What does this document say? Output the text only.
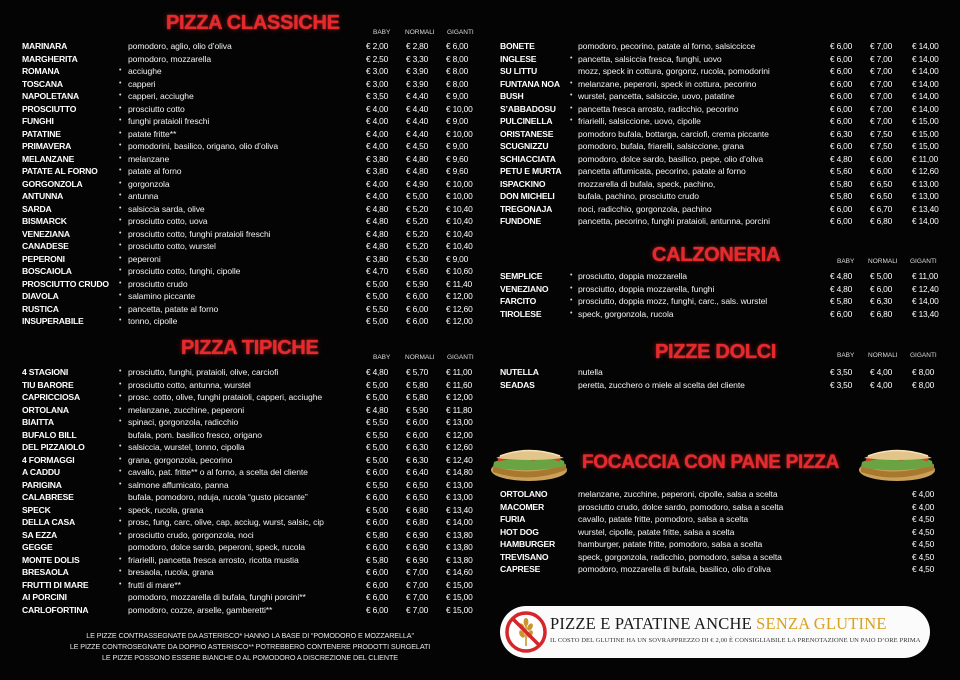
PIZZA CLASSICHE	BABY NORMALI GIGANTI
MARINARA	pomodoro, aglio, olio d’oliva	€ 2,00 € 2,80 € 6,00
MARGHERITA	pomodoro, mozzarella	€ 2,50 € 3,30 € 8,00
ROMANA	• acciughe	€ 3,00 € 3,90 € 8,00
TOSCANA	• capperi	€ 3,00 € 3,90 € 8,00
NAPOLETANA	• capperi, acciughe	€ 3,50 € 4,40 € 9,00
PROSCIUTTO	• prosciutto cotto	€ 4,00 € 4,40 € 10,00
FUNGHI	• funghi prataioli freschi	€ 4,00 € 4,40 € 9,00
PATATINE	• patate fritte**	€ 4,00 € 4,40 € 10,00
PRIMAVERA	• pomodorini, basilico, origano, olio d’oliva	€ 4,00 € 4,50 € 9,00
MELANZANE	• melanzane	€ 3,80 € 4,80 € 9,60
PATATE AL FORNO	• patate al forno	€ 3,80 € 4,80 € 9,60
GORGONZOLA	• gorgonzola	€ 4,00 € 4,90 € 10,00
ANTUNNA	• antunna	€ 4,00 € 5,00 € 10,00
SARDA	• salsiccia sarda, olive	€ 4,80 € 5,20 € 10,40
BISMARCK	• prosciutto cotto, uova	€ 4,80 € 5,20 € 10,40
VENEZIANA	• prosciutto cotto, funghi prataioli freschi	€ 4,80 € 5,20 € 10,40
CANADESE	• prosciutto cotto, wurstel	€ 4,80 € 5,20 € 10,40
PEPERONI	• peperoni	€ 3,80 € 5,30 € 9,00
BOSCAIOLA	• prosciutto cotto, funghi, cipolle	€ 4,70 € 5,60 € 10,60
PROSCIUTTO CRUDO • prosciutto crudo	€ 5,00 € 5,90 € 11,40
DIAVOLA	• salamino piccante	€ 5,00 € 6,00 € 12,00
RUSTICA	• pancetta, patate al forno	€ 5,50 € 6,00 € 12,60
INSUPERABILE	• tonno, cipolle	€ 5,00 € 6,00 € 12,00
PIZZA TIPICHE	BABY NORMALI GIGANTI
4 STAGIONI	• prosciutto, funghi, prataioli, olive, carciofi	€ 4,80 € 5,70 € 11,00
TIU BARORE	• prosciutto cotto, antunna, wurstel	€ 5,00 € 5,80 € 11,60
CAPRICCIOSA	• prosc. cotto, olive, funghi prataioli, capperi, acciughe	€ 5,00 € 5,80 € 12,00
ORTOLANA	• melanzane, zucchine, peperoni	€ 4,80 € 5,90 € 11,80
BIAITTA	• spinaci, gorgonzola, radicchio	€ 5,50 € 6,00 € 13,00
BUFALO BILL	bufala, pom. basilico fresco, origano	€ 5,50 € 6,00 € 12,00
DEL PIZZAIOLO	• salsiccia, wurstel, tonno, cipolla	€ 5,00 € 6,30 € 12,60
4 FORMAGGI	• grana, gorgonzola, pecorino	€ 5,00 € 6,30 € 12,40
A CADDU	• cavallo, pat. fritte** o al forno, a scelta del cliente	€ 6,00 € 6,40 € 14,80
PARIGINA	• salmone affumicato, panna	€ 5,50 € 6,50 € 13,00
CALABRESE	bufala, pomodoro, nduja, rucola “gusto piccante”	€ 6,00 € 6,50 € 13,00
SPECK	• speck, rucola, grana	€ 5,00 € 6,80 € 13,40
DELLA CASA	• prosc, fung, carc, olive, cap, acciug, wurst, salsic, cip	€ 6,00 € 6,80 € 14,00
SA EZZA	• prosciutto crudo, gorgonzola, noci	€ 5,80 € 6,90 € 13,80
GEGGE	pomodoro, dolce sardo, peperoni, speck, rucola	€ 6,00 € 6,90 € 13,80
MONTE DOLIS	• friarielli, pancetta fresca arrosto, ricotta mustia	€ 5,80 € 6,90 € 13,80
BRESAOLA	• bresaola, rucola, grana	€ 6,00 € 7,00 € 14,60
FRUTTI DI MARE	• frutti di mare**	€ 6,00 € 7,00 € 15,00
AI PORCINI	pomodoro, mozzarella di bufala, funghi porcini**	€ 6,00 € 7,00 € 15,00
CARLOFORTINA	pomodoro, cozze, arselle, gamberetti**	€ 6,00 € 7,00 € 15,00
LE PIZZE CONTRASSEGNATE DA ASTERISCO* HANNO LA BASE DI “POMODORO E MOZZARELLA”
LE PIZZE CONTROSEGNATE DA DOPPIO ASTERISCO** POTREBBERO CONTENERE PRODOTTI SURGELATI
LE PIZZE POSSONO ESSERE BIANCHE O AL POMODORO A DISCREZIONE DEL CLIENTE
BONETE	pomodoro, pecorino, patate al forno, salsiccicce	€ 6,00 € 7,00 € 14,00
INGLESE	• pancetta, salsiccia fresca, funghi, uovo	€ 6,00 € 7,00 € 14,00
SU LITTU	mozz, speck in cottura, gorgonz, rucola, pomodorini	€ 6,00 € 7,00 € 14,00
FUNTANA NOA • melanzane, peperoni, speck in cottura, pecorino	€ 6,00 € 7,00 € 14,00
BUSH	• wurstel, pancetta, salsiccie, uovo, patatine	€ 6,00 € 7,00 € 14,00
S’ABBADOSU • pancetta fresca arrosto, radicchio, pecorino	€ 6,00 € 7,00 € 14,00
PULCINELLA	• friarielli, salsiccione, uovo, cipolle	€ 6,00 € 7,00 € 15,00
ORISTANESE	pomodoro bufala, bottarga, carciofi, crema piccante	€ 6,30 € 7,50 € 15,00
SCUGNIZZU	pomodoro, bufala, friarelli, salsiccione, grana	€ 6,00 € 7,50 € 15,00
SCHIACCIATA	pomodoro, dolce sardo, basilico, pepe, olio d’oliva	€ 4,80 € 6,00 € 11,00
PETU E MURTA pancetta affumicata, pecorino, patate al forno	€ 5,60 € 6,00 € 12,60
ISPACKINO	mozzarella di bufala, speck, pachino,	€ 5,80 € 6,50 € 13,00
DON MICHELI	bufala, pachino, prosciutto crudo	€ 5,80 € 6,50 € 13,00
TREGONAJA	noci, radicchio, gorgonzola, pachino	€ 6,00 € 6,70 € 13,40
FUNDONE	pancetta, pecorino, funghi prataioli, antunna, porcini	€ 6,00 € 6,80 € 14,00
CALZONERIA	BABY NORMALI GIGANTI
SEMPLICE	• prosciutto, doppia mozzarella	€ 4,80 € 5,00 € 11,00
VENEZIANO	• prosciutto, doppia mozzarella, funghi	€ 4,80 € 6,00 € 12,40
FARCITO	• prosciutto, doppia mozz, funghi, carc., sals. wurstel	€ 5,80 € 6,30 € 14,00
TIROLESE	• speck, gorgonzola, rucola	€ 6,00 € 6,80 € 13,40
PIZZE DOLCI	BABY NORMALI GIGANTI
NUTELLA	nutella	€ 3,50 € 4,00 € 8,00
SEADAS	peretta, zucchero o miele al scelta del cliente	€ 3,50 € 4,00 € 8,00
FOCACCIA CON PANE PIZZA
ORTOLANO	melanzane, zucchine, peperoni, cipolle, salsa a scelta	€ 4,00
MACOMER	prosciutto crudo, dolce sardo, pomodoro, salsa a scelta	€ 4,00
FURIA	cavallo, patate fritte, pomodoro, salsa a scelta	€ 4,50
HOT DOG	wurstel, cipolle, patate fritte, salsa a scelta	€ 4,50
HAMBURGER	hamburger, patate fritte, pomodoro, salsa a scelta	€ 4,50
TREVISANO	speck, gorgonzola, radicchio, pomodoro, salsa a scelta	€ 4,50
CAPRESE	pomodoro, mozzarella di bufala, basilico, olio d’oliva	€ 4,50
PIZZE E PATATINE ANCHE SENZA GLUTINE
IL COSTO DEL GLUTINE HA UN SOVRAPPREZZO DI € 2,00 È CONSIGLIABILE LA PRENOTAZIONE UN PAIO D’ORE PRIMA
